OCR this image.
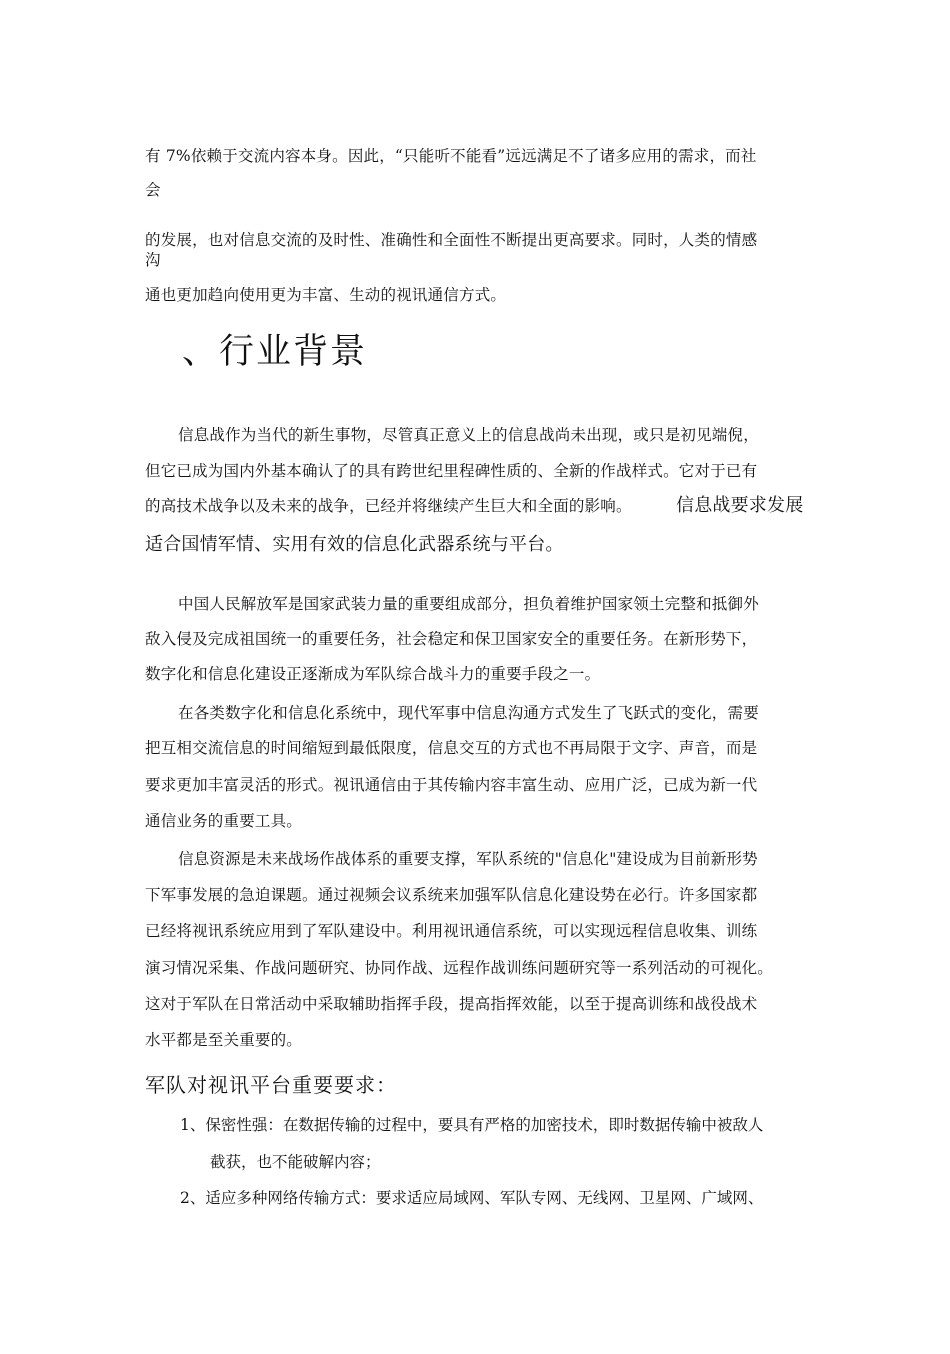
有 7%依赖于交流内容本身。因此，“只能听不能看”远远满足不了诸多应用的需求，而社
会
的发展，也对信息交流的及时性、准确性和全面性不断提出更高要求。同时，人类的情感
沟
通也更加趋向使用更为丰富、生动的视讯通信方式。
、行业背景
信息战作为当代的新生事物，尽管真正意义上的信息战尚未出现，或只是初见端倪，
但它已成为国内外基本确认了的具有跨世纪里程碑性质的、全新的作战样式。它对于已有
的高技术战争以及未来的战争，已经并将继续产生巨大和全面的影响。 信息战要求发展
适合国情军情、实用有效的信息化武器系统与平台。
中国人民解放军是国家武装力量的重要组成部分，担负着维护国家领土完整和抵御外
敌入侵及完成祖国统一的重要任务，社会稳定和保卫国家安全的重要任务。在新形势下，
数字化和信息化建设正逐渐成为军队综合战斗力的重要手段之一。
在各类数字化和信息化系统中，现代军事中信息沟通方式发生了飞跃式的变化，需要
把互相交流信息的时间缩短到最低限度，信息交互的方式也不再局限于文字、声音，而是
要求更加丰富灵活的形式。视讯通信由于其传输内容丰富生动、应用广泛，已成为新一代
通信业务的重要工具。
信息资源是未来战场作战体系的重要支撑，军队系统的"信息化"建设成为目前新形势
下军事发展的急迫课题。通过视频会议系统来加强军队信息化建设势在必行。许多国家都
已经将视讯系统应用到了军队建设中。利用视讯通信系统，可以实现远程信息收集、训练
演习情况采集、作战问题研究、协同作战、远程作战训练问题研究等一系列活动的可视化。
这对于军队在日常活动中采取辅助指挥手段，提高指挥效能，以至于提高训练和战役战术
水平都是至关重要的。
军队对视讯平台重要要求：
1、保密性强：在数据传输的过程中，要具有严格的加密技术，即时数据传输中被敌人
截获，也不能破解内容；
2、适应多种网络传输方式：要求适应局域网、军队专网、无线网、卫星网、广域网、
